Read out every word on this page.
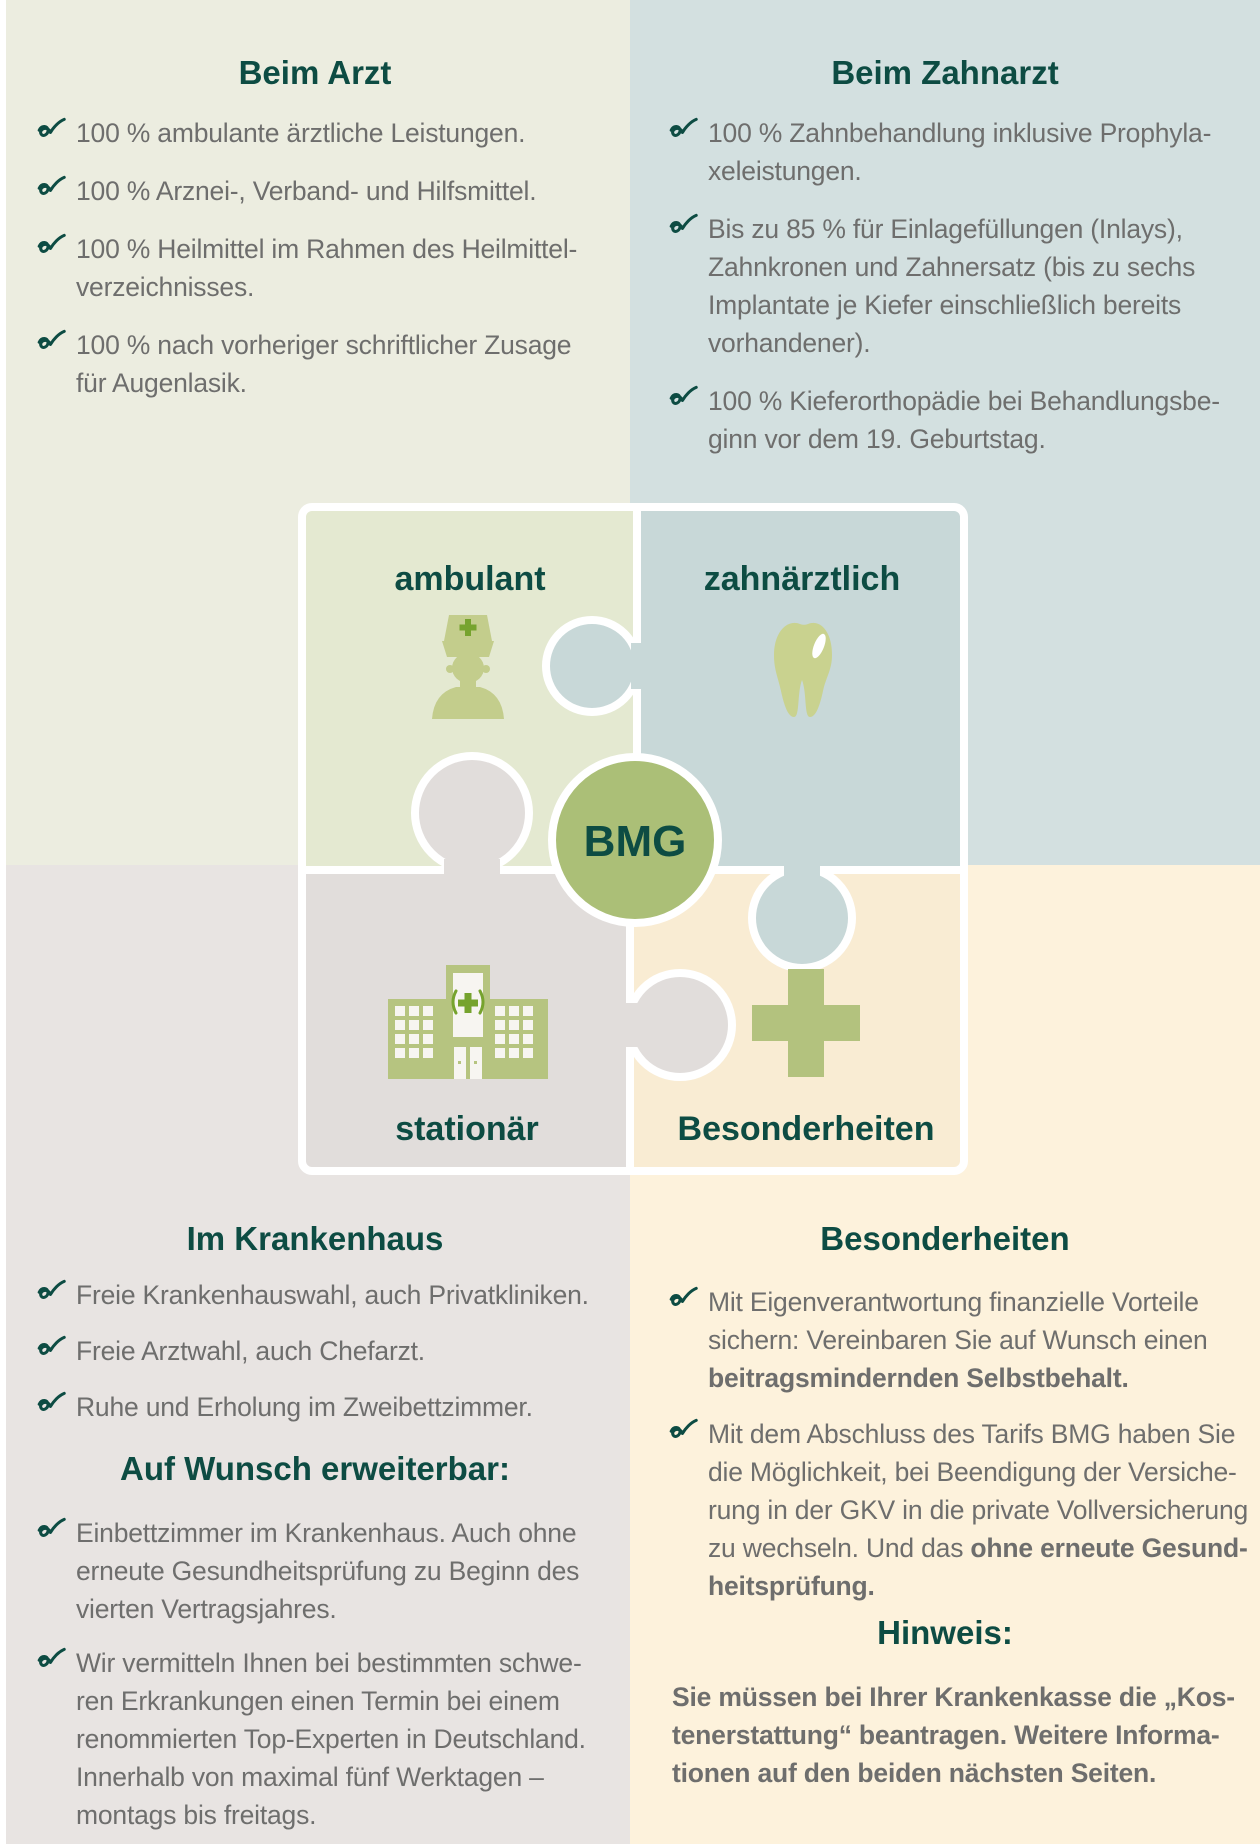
Beim Arzt	Beim Zahnarzt
Im Krankenhaus	Besonderheiten
Auf Wunsch erweiterbar:
Hinweis:
100 % ambulante ärztliche Leistungen.
100 % Arznei-, Verband- und Hilfsmittel.
100 % Heilmittel im Rahmen des Heilmittel-
verzeichnisses.
100 % nach vorheriger schriftlicher Zusage
für Augenlasik.
100 % Zahnbehandlung inklusive Prophyla-
xeleistungen.
Bis zu 85 % für Einlagefüllungen (Inlays),
Zahnkronen und Zahnersatz (bis zu sechs
Implantate je Kiefer einschließlich bereits
vorhandener).
100 % Kieferorthopädie bei Behandlungsbe-
ginn vor dem 19. Geburtstag.
Freie Krankenhauswahl, auch Privatkliniken.
Freie Arztwahl, auch Chefarzt.
Ruhe und Erholung im Zweibettzimmer.
Einbettzimmer im Krankenhaus. Auch ohne
erneute Gesundheitsprüfung zu Beginn des
vierten Vertragsjahres.
Wir vermitteln Ihnen bei bestimmten schwe-
ren Erkrankungen einen Termin bei einem
renommierten Top-Experten in Deutschland.
Innerhalb von maximal fünf Werktagen –
montags bis freitags.
Mit Eigenverantwortung finanzielle Vorteile
sichern: Vereinbaren Sie auf Wunsch einen
beitragsmindernden Selbstbehalt.
Mit dem Abschluss des Tarifs BMG haben Sie
die Möglichkeit, bei Beendigung der Versiche-
rung in der GKV in die private Vollversicherung
zu wechseln. Und das ohne erneute Gesund-
heitsprüfung.
Sie müssen bei Ihrer Krankenkasse die „Kos-
tenerstattung“ beantragen. Weitere Informa-
tionen auf den beiden nächsten Seiten.
BMG
ambulant	zahnärztlich
stationär	Besonderheiten
